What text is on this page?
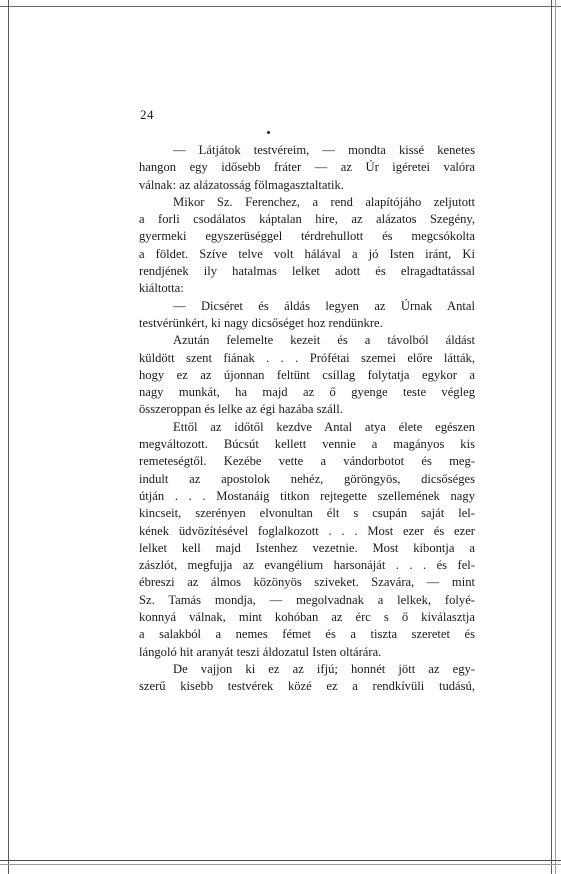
24
— Látjátok testvéreim, — mondta kissé kenetes
hangon egy idősebb fráter — az Úr igéretei valóra
válnak: az alázatosság fölmagasztaltatik.
Mikor Sz. Ferenchez, a rend alapítójáho zeljutott
a forli csodálatos káptalan hire, az alázatos Szegény,
gyermeki egyszerüséggel térdrehullott és megcsókolta
a földet. Szíve telve volt hálával a jó Isten iránt, Ki
rendjének ily hatalmas lelket adott és elragadtatással
kiáltotta:
— Dicséret és áldás legyen az Úrnak Antal
testvérünkért, ki nagy dicsőséget hoz rendünkre.
Azután felemelte kezeit és a távolból áldást
küldött szent fiának . . . Prófétai szemei előre látták,
hogy ez az újonnan feltünt csillag folytatja egykor a
nagy munkát, ha majd az ő gyenge teste végleg
összeroppan és lelke az égi hazába száll.
Ettől az időtől kezdve Antal atya élete egészen
megváltozott. Búcsút kellett vennie a magányos kis
remeteségtől. Kezébe vette a vándorbotot és meg-
indult az apostolok nehéz, göröngyös, dicsőséges
útján . . . Mostanáig titkon rejtegette szellemének nagy
kincseit, szerényen elvonultan élt s csupán saját lel-
kének üdvözítésével foglalkozott . . . Most ezer és ezer
lelket kell majd Istenhez vezetnie. Most kibontja a
zászlót, megfujja az evangélium harsonáját . . . és fel-
ébreszi az álmos közönyös sziveket. Szavára, — mint
Sz. Tamás mondja, — megolvadnak a lelkek, folyé-
konnyá válnak, mint kohóban az érc s ő kiválasztja
a salakból a nemes fémet és a tiszta szeretet és
lángoló hit aranyát teszi áldozatul Isten oltárára.
De vajjon ki ez az ifjú; honnét jött az egy-
szerű kisebb testvérek közé ez a rendkívüli tudású,
